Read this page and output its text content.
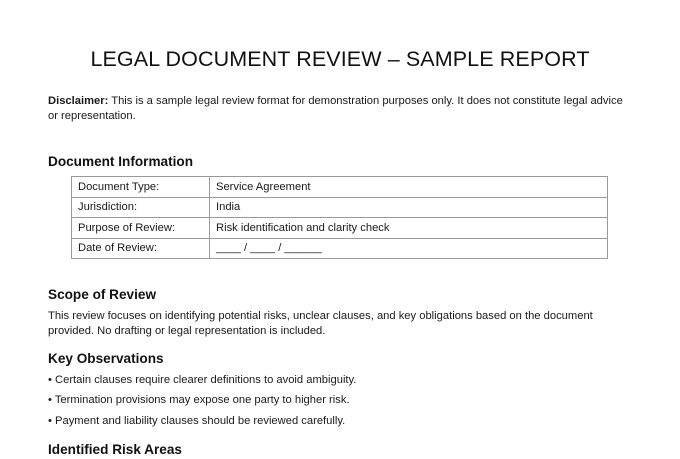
LEGAL DOCUMENT REVIEW – SAMPLE REPORT
Disclaimer: This is a sample legal review format for demonstration purposes only. It does not constitute legal advice or representation.
Document Information
Document Type:	Service Agreement
Jurisdiction:	India
Purpose of Review:	Risk identification and clarity check
Date of Review:	____ / ____ / ______
Scope of Review
This review focuses on identifying potential risks, unclear clauses, and key obligations based on the document provided. No drafting or legal representation is included.
Key Observations
• Certain clauses require clearer definitions to avoid ambiguity.
• Termination provisions may expose one party to higher risk.
• Payment and liability clauses should be reviewed carefully.
Identified Risk Areas
